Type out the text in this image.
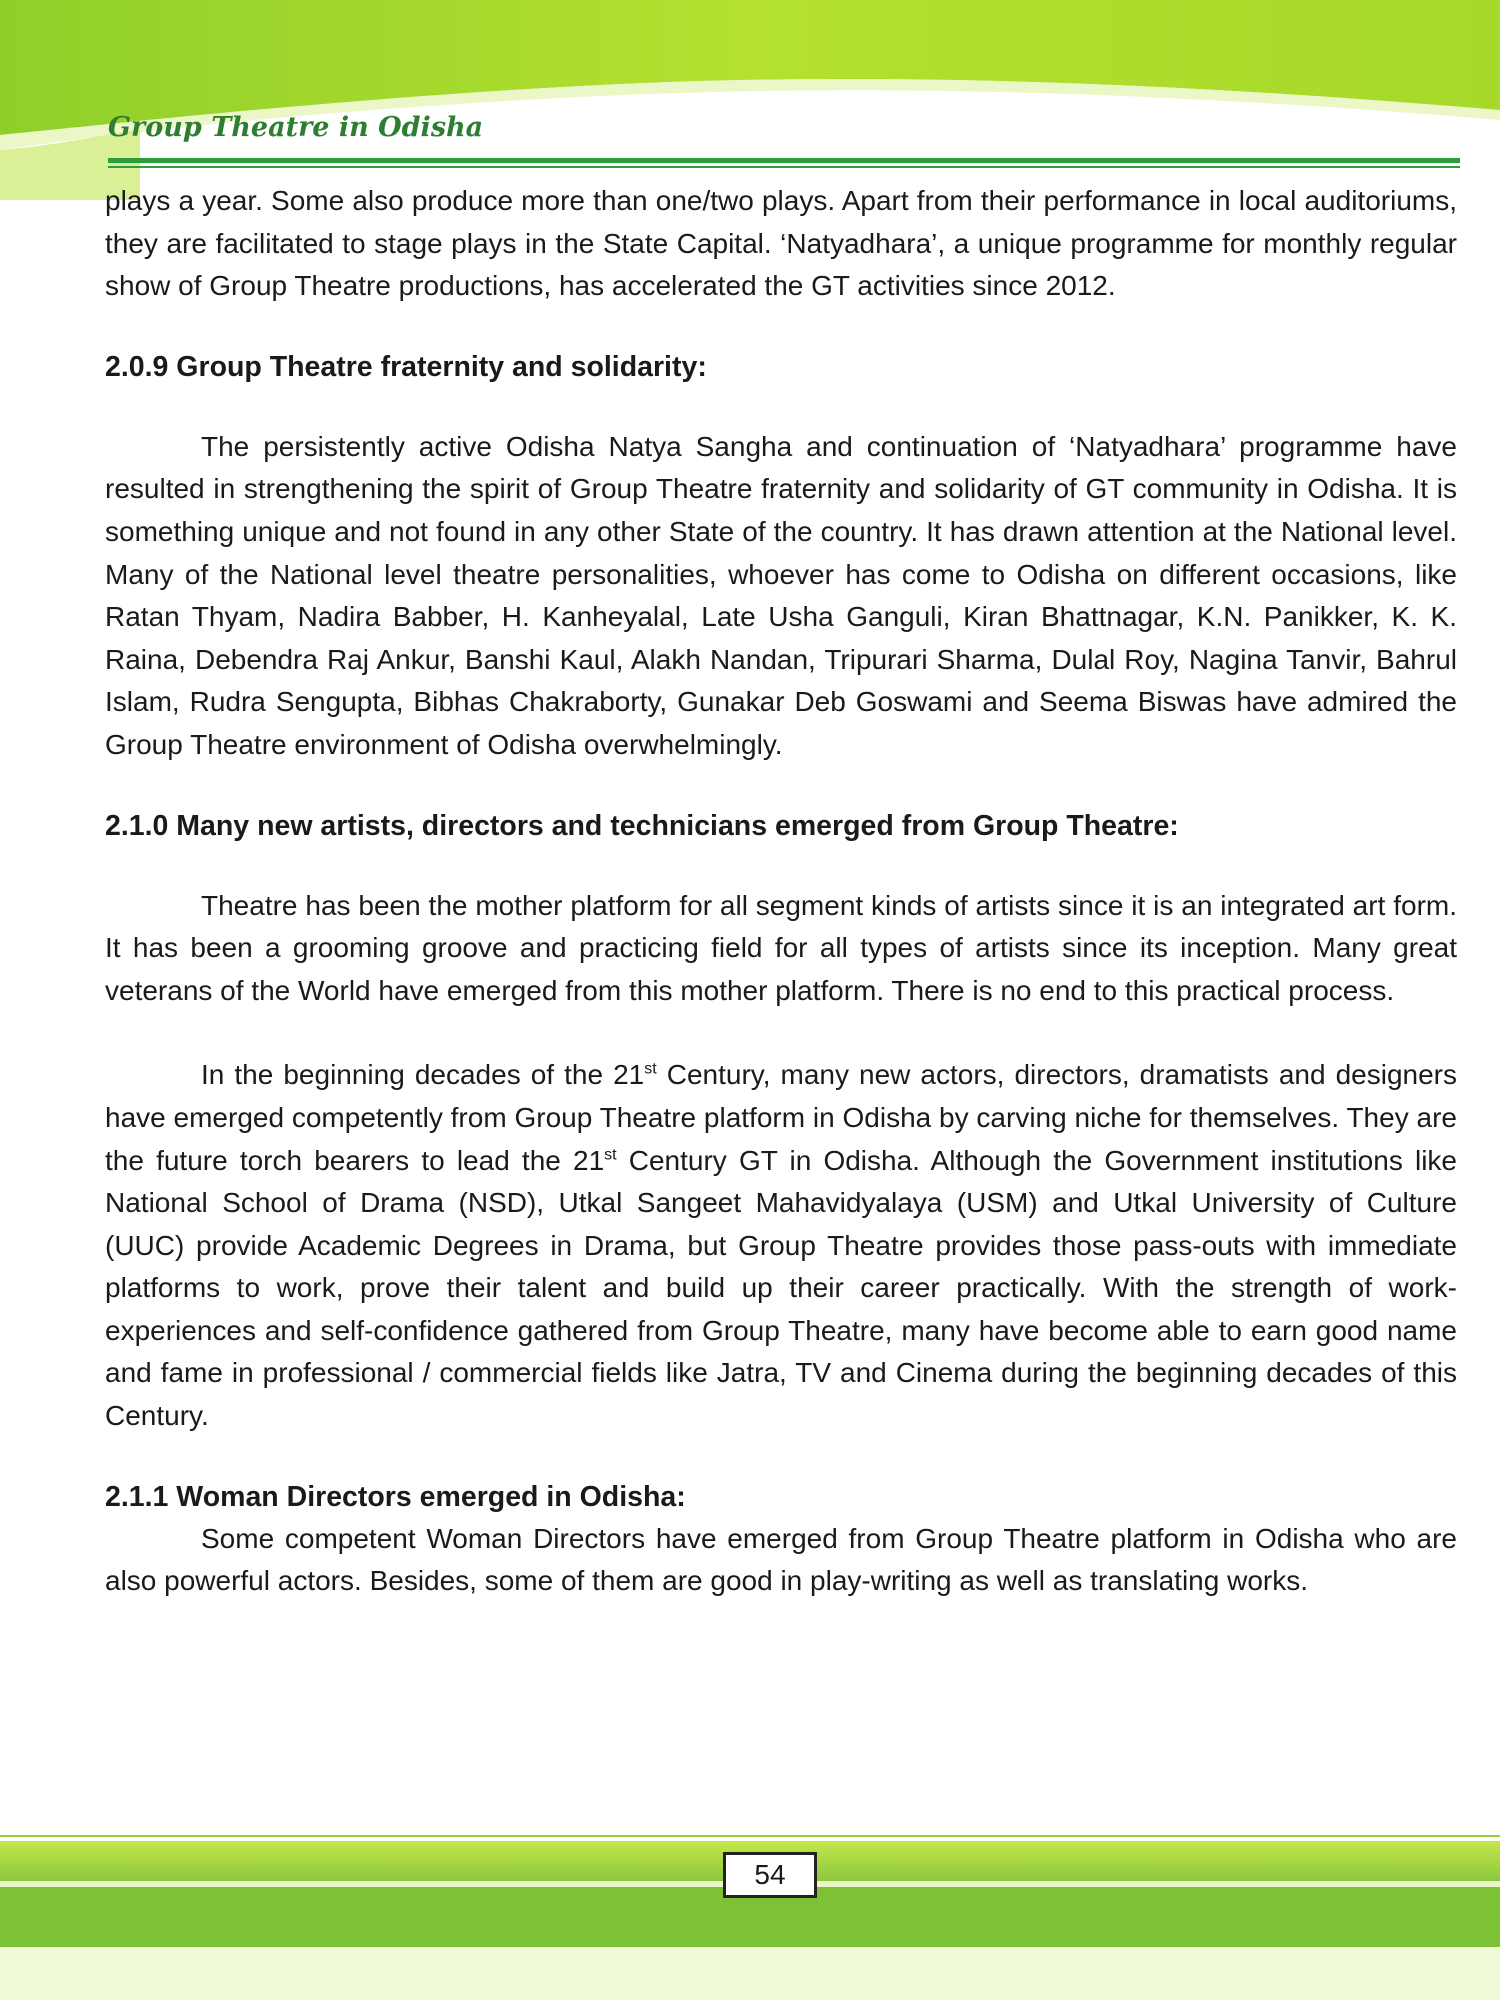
Group Theatre in Odisha

plays a year. Some also produce more than one/two plays. Apart from their performance in local auditoriums, they are facilitated to stage plays in the State Capital. ‘Natyadhara’, a unique programme for monthly regular show of Group Theatre productions, has accelerated the GT activities since 2012.

2.0.9 Group Theatre fraternity and solidarity:

The persistently active Odisha Natya Sangha and continuation of ‘Natyadhara’ programme have resulted in strengthening the spirit of Group Theatre fraternity and solidarity of GT community in Odisha. It is something unique and not found in any other State of the country. It has drawn attention at the National level. Many of the National level theatre personalities, whoever has come to Odisha on different occasions, like Ratan Thyam, Nadira Babber, H. Kanheyalal, Late Usha Ganguli, Kiran Bhattnagar, K.N. Panikker, K. K. Raina, Debendra Raj Ankur, Banshi Kaul, Alakh Nandan, Tripurari Sharma, Dulal Roy, Nagina Tanvir, Bahrul Islam, Rudra Sengupta, Bibhas Chakraborty, Gunakar Deb Goswami and Seema Biswas have admired the Group Theatre environment of Odisha overwhelmingly.

2.1.0 Many new artists, directors and technicians emerged from Group Theatre:

Theatre has been the mother platform for all segment kinds of artists since it is an integrated art form. It has been a grooming groove and practicing field for all types of artists since its inception. Many great veterans of the World have emerged from this mother platform. There is no end to this practical process.

In the beginning decades of the 21st Century, many new actors, directors, dramatists and designers have emerged competently from Group Theatre platform in Odisha by carving niche for themselves. They are the future torch bearers to lead the 21st Century GT in Odisha. Although the Government institutions like National School of Drama (NSD), Utkal Sangeet Mahavidyalaya (USM) and Utkal University of Culture (UUC) provide Academic Degrees in Drama, but Group Theatre provides those pass-outs with immediate platforms to work, prove their talent and build up their career practically. With the strength of work-experiences and self-confidence gathered from Group Theatre, many have become able to earn good name and fame in professional / commercial fields like Jatra, TV and Cinema during the beginning decades of this Century.

2.1.1 Woman Directors emerged in Odisha:

Some competent Woman Directors have emerged from Group Theatre platform in Odisha who are also powerful actors. Besides, some of them are good in play-writing as well as translating works.

54
